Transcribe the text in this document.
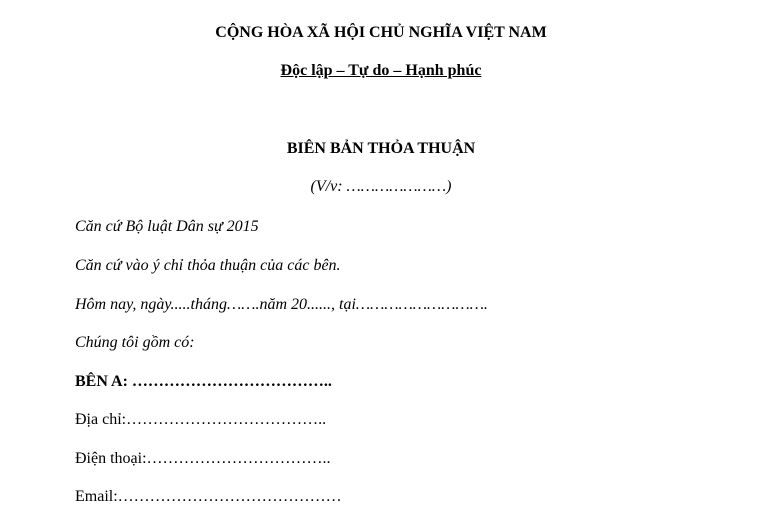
CỘNG HÒA XÃ HỘI CHỦ NGHĨA VIỆT NAM
Độc lập – Tự do – Hạnh phúc
BIÊN BẢN THỎA THUẬN
(V/v: …………………)
Căn cứ Bộ luật Dân sự 2015
Căn cứ vào ý chỉ thỏa thuận của các bên.
Hôm nay, ngày.....tháng…….năm 20......, tại……………………….
Chúng tôi gồm có:
BÊN A: ………………………………..
Địa chỉ:………………………………..
Điện thoại:……………………………..
Email:……………………………………
